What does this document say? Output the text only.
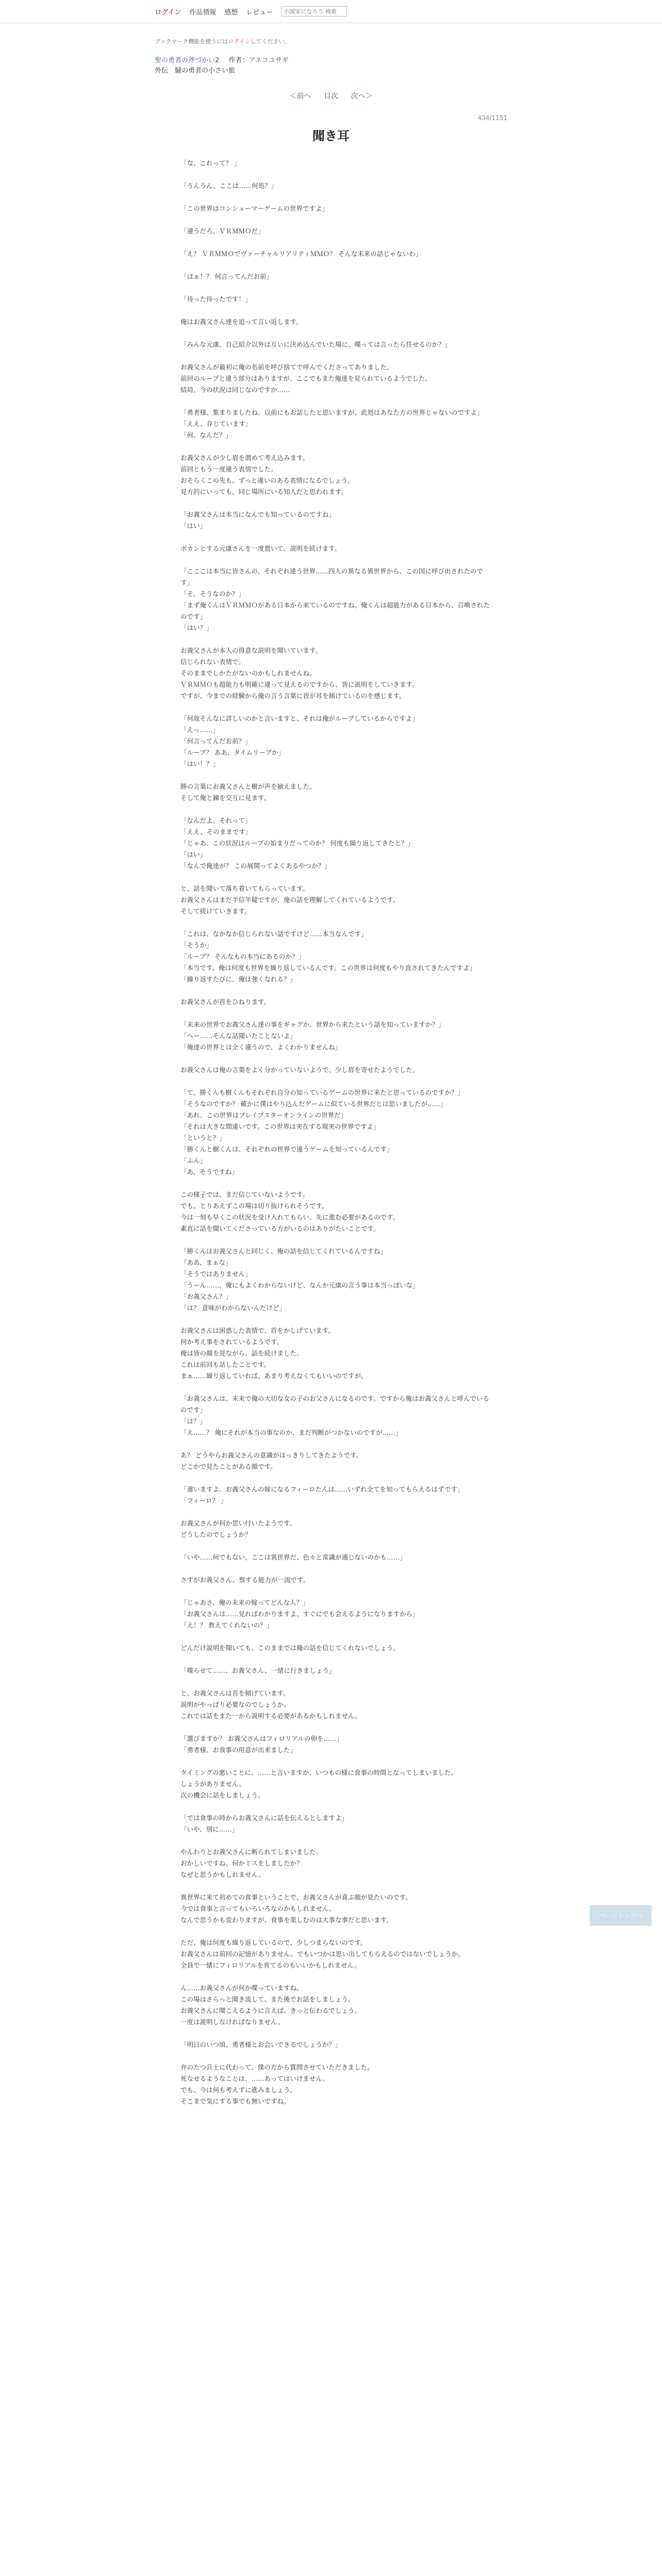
ログイン 作品情報 感想 レビュー
小説家になろう 検索
ブックマーク機能を使うにはログインしてください。
聖の勇者の斧づかい2 作者：アネコユサギ
外伝　騒の勇者の小さい旅
＜前へ 目次 次へ＞
434/1151
聞き耳

「な、これって？ 」

「うんうん、ここは……何処？」

「この世界はコンシューマーゲームの世界ですよ」

「違うだろ。ＶＲＭＭＯだ」

「え？ ＶＲＭＭＯでヴァーチャルリアリティＭＭＯ？ そんな未来の話じゃないわ」

「はぁ！？ 何言ってんだお前」

「待った待ったです！」

俺はお義父さん達を追って言い返します。

「みんな元康、自己紹介以外は互いに決め込んでいた場に、喋っては言ったら任せるのか？」

お義父さんが最初に俺の名前を呼び捨てで呼んでくださってありました。
前回のループと違う部分はありますが、ここでもまた俺達を見られているようでした。
結局、今の状況は同じなのですか……

「勇者様、集まりましたね。以前にもお話したと思いますが、此処はあなた方の世界じゃないのですよ」
「ええ、存じています」
「何、なんだ？」

お義父さんが少し眉を潜めて考え込みます。
前回ともう一度違う表情でした。
おそらくこの先も、ずっと違いのある表情になるでしょう。
見方的にいっても、同じ場所にいる知人だと思われます。

「お義父さんは本当になんでも知っているのですね」
「はい」

ボカンとする元康さんを一度置いて、説明を続けます。

「こここは本当に皆さんの、それぞれ違う世界……四人の異なる異世界から、この国に呼び出されたのです」
「そ、そうなのか？」
「まず俺くんはＶＲＭＭＯがある日本から来ているのですね。俺くんは超能力がある日本から、召喚されたのです」
「はい？」

お義父さんが本人の得意な説明を聞いています。
信じられない表情で。
そのままでしかたがないのかもしれませんね。
ＶＲＭＭＯも超能力も明確に違って見えるのですから、皆に説明をしていきます。
ですが、今までの経験から俺の言う言葉に皆が耳を傾けているのを感じます。

「何故そんなに詳しいのかと言いますと、それは俺がループしているからですよ」
「えっ……」
「何言ってんだお前？」
「ループ？ ああ、タイムリープか」
「はい！？」

勝の言葉にお義父さんと樹が声を揃えました。
そして俺と錬を交互に見ます。

「なんだよ、それって」
「ええ、そのままです」
「じゃあ、この状況はループの始まりだってのか？ 何度も繰り返してきたと？」
「はい」
「なんで俺達が？ この展開ってよくあるやつか？」

と、話を聞いて落ち着いてもらっています。
お義父さんはまだ半信半疑ですが、俺の話を理解してくれているようです。
そして続けていきます。

「これは、なかなか信じられない話ですけど……本当なんです」
「そうか」
「ループ？ そんなもの本当にあるのか？」
「本当です。俺は何度も世界を繰り返しているんです。この世界は何度もやり直されてきたんですよ」
「繰り返すたびに、俺は強くなれる？」

お義父さんが首をひねります。

「未来の世界でお義父さん達の事をギャグか、世界から来たという話を知っていますか？」
「へー……そんな話聞いたことないよ」
「俺達の世界とは全く違うので、よくわかりませんね」

お義父さんは俺の言葉をよく分かっていないようで、少し眉を寄せたようでした。

「て、勝くんも樹くんもそれぞれ自分の知っているゲームの世界に来たと思っているのですか？」
「そうなのですか？ 確かに僕はやり込んだゲームに似ている世界だとは思いましたが……」
「あれ、この世界はブレイブスターオンラインの世界だ」
「それは大きな間違いです。この世界は実在する現実の世界ですよ」
「というと？」
「勝くんと樹くんは、それぞれの世界で違うゲームを知っているんです」
「ふん」
「あ、そうですね」

この様子では、まだ信じていないようです。
でも、とりあえずこの場は切り抜けられそうです。
今は一刻も早くこの状況を受け入れてもらい、先に進む必要があるのです。
素直に話を聞いてくださっている方がいるのはありがたいことです。

「勝くんはお義父さんと同じく、俺の話を信じてくれているんですね」
「ああ、まぁな」
「そうではありません」
「うーん……、俺にもよくわからないけど、なんか元康の言う事は本当っぽいな」
「お義父さん？」
「は？ 意味がわからないんだけど」

お義父さんは困惑した表情で、首をかしげています。
何か考え事をされているようです。
俺は皆の顔を見ながら、話を続けました。
これは前回も話したことです。
まぁ……繰り返していれば、あまり考えなくてもいいのですが。

「お義父さんは、未来で俺の大切な女の子のお父さんになるのです。ですから俺はお義父さんと呼んでいるのです」
「は？」
「え……？ 俺にそれが本当の事なのか、まだ判断がつかないのですが……」

あ？ どうやらお義父さんの意識がはっきりしてきたようです。
どこかで見たことがある顔です。

「違いますよ。お義父さんの嫁になるフィーロたんは……いずれ全てを知ってもらえるはずです」
「フィーロ？ 」

お義父さんが何か思い付いたようです。
どうしたのでしょうか？

「いや……何でもない。ここは異世界だ、色々と常識が通じないのかも……」

さすがお義父さん、察する能力が一流です。

「じゃあさ、俺の未来の嫁ってどんな人？」
「お義父さんは……見ればわかりますよ、すぐにでも会えるようになりますから」
「え！？ 教えてくれないの？」

どんだけ説明を聞いても、このままでは俺の話を信じてくれないでしょう。

「喋らせて……、お義父さん、一緒に行きましょう」

と、お義父さんは首を傾げています。
説明がやっぱり必要なのでしょうか。
これでは話をまた一から説明する必要があるかもしれません。

「選びますか？ お義父さんはフィロリアルの卵を……」
「勇者様、お食事の用意が出来ました」

タイミングの悪いことに、……と言いますか、いつもの様に食事の時間となってしまいました。
しょうがありません。
次の機会に話をしましょう。

「では食事の時からお義父さんに話を伝えるとしますよ」
「いや、別に……」

やんわりとお義父さんに断られてしまいました。
おかしいですね、何かミスをしましたか？
なぜと思うかもしれません。

異世界に来て初めての食事ということで、お義父さんが喜ぶ顔が見たいのです。
今では食事と言ってもいろいろなのかもしれません。
なんで思うかも変わりますが、食事を楽しむのは大事な事だと思います。

ただ、俺は何度も繰り返しているので、少しつまらないのです。
お義父さんは前回の記憶がありません。でもいつかは思い出してもらえるのではないでしょうか。
全員で一緒にフィロリアルを育てるのもいいかもしれません。

ん……お義父さんが何か喋っていますね。
この場はさらっと聞き流して、また後でお話をしましょう。
お義父さんに聞こえるように言えば、きっと伝わるでしょう。
一度は説明しなければなりません。

「明日のいつ頃、勇者様とお会いできるでしょうか？」

弁のたつ兵士に代わって、僕の方から質問させていただきました。
死なせるようなことは、……あってはいけません。
でも、今は何も考えずに進みましょう。
そこまで気にする事でも無いですね。

ページトップへ
